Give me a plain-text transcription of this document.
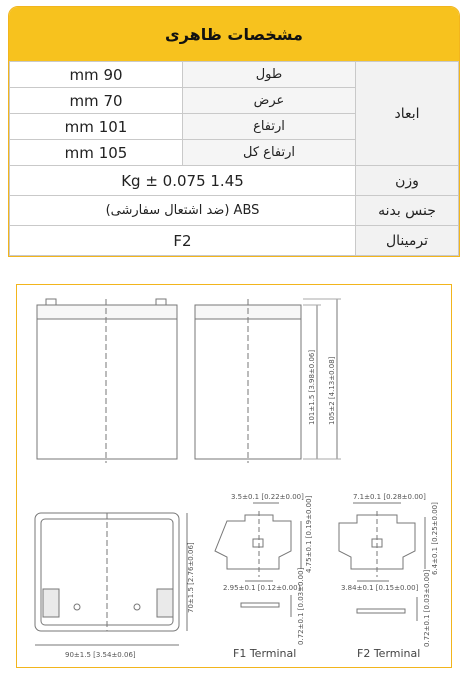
مشخصات ظاهری
ابعاد	طول	90 mm
	عرض	70 mm
	ارتفاع	101 mm
	ارتفاع کل	105 mm
وزن	1.45 Kg ± 0.075	
جنس بدنه	ABS (ضد اشتعال سفارشی)	
ترمینال	F2	
101±1.5 [3.98±0.06] 105±2 [4.13±0.08]
70±1.5 [2.76±0.06]
90±1.5 [3.54±0.06]
3.5±0.1 [0.22±0.00] 4.75±0.1 [0.19±0.00]
2.95±0.1 [0.12±0.00]
0.72±0.1 [0.03±0.00]
F1 Terminal
7.1±0.1 [0.28±0.00]
6.4±0.1 [0.25±0.00]
3.84±0.1 [0.15±0.00] 0.72±0.1 [0.03±0.00]
F2 Terminal
